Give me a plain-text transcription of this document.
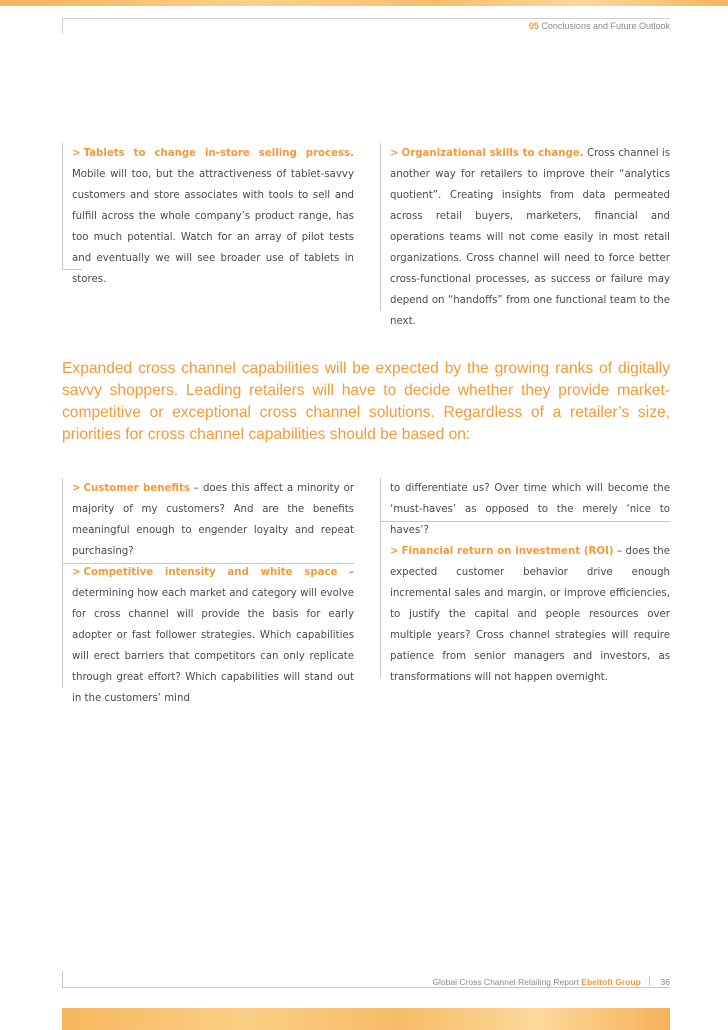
05 Conclusions and Future Outlook

> Tablets to change in-store selling process. Mobile will too, but the attractiveness of tablet-savvy customers and store associates with tools to sell and fulfill across the whole company’s product range, has too much potential. Watch for an array of pilot tests and eventually we will see broader use of tablets in stores.

> Organizational skills to change. Cross channel is another way for retailers to improve their “analytics quotient”. Creating insights from data permeated across retail buyers, marketers, financial and operations teams will not come easily in most retail organizations. Cross channel will need to force better cross-functional processes, as success or failure may depend on “handoffs” from one functional team to the next.

Expanded cross channel capabilities will be expected by the growing ranks of digitally savvy shoppers. Leading retailers will have to decide whether they provide market-competitive or exceptional cross channel solutions. Regardless of a retailer’s size, priorities for cross channel capabilities should be based on:

> Customer benefits – does this affect a minority or majority of my customers? And are the benefits meaningful enough to engender loyalty and repeat purchasing?

> Competitive intensity and white space – determining how each market and category will evolve for cross channel will provide the basis for early adopter or fast follower strategies. Which capabilities will erect barriers that competitors can only replicate through great effort? Which capabilities will stand out in the customers’ mind

to differentiate us? Over time which will become the ‘must-haves’ as opposed to the merely ‘nice to haves’?

> Financial return on investment (ROI) – does the expected customer behavior drive enough incremental sales and margin, or improve efficiencies, to justify the capital and people resources over multiple years? Cross channel strategies will require patience from senior managers and investors, as transformations will not happen overnight.

Global Cross Channel Retailing Report Ebeltoft Group 36
